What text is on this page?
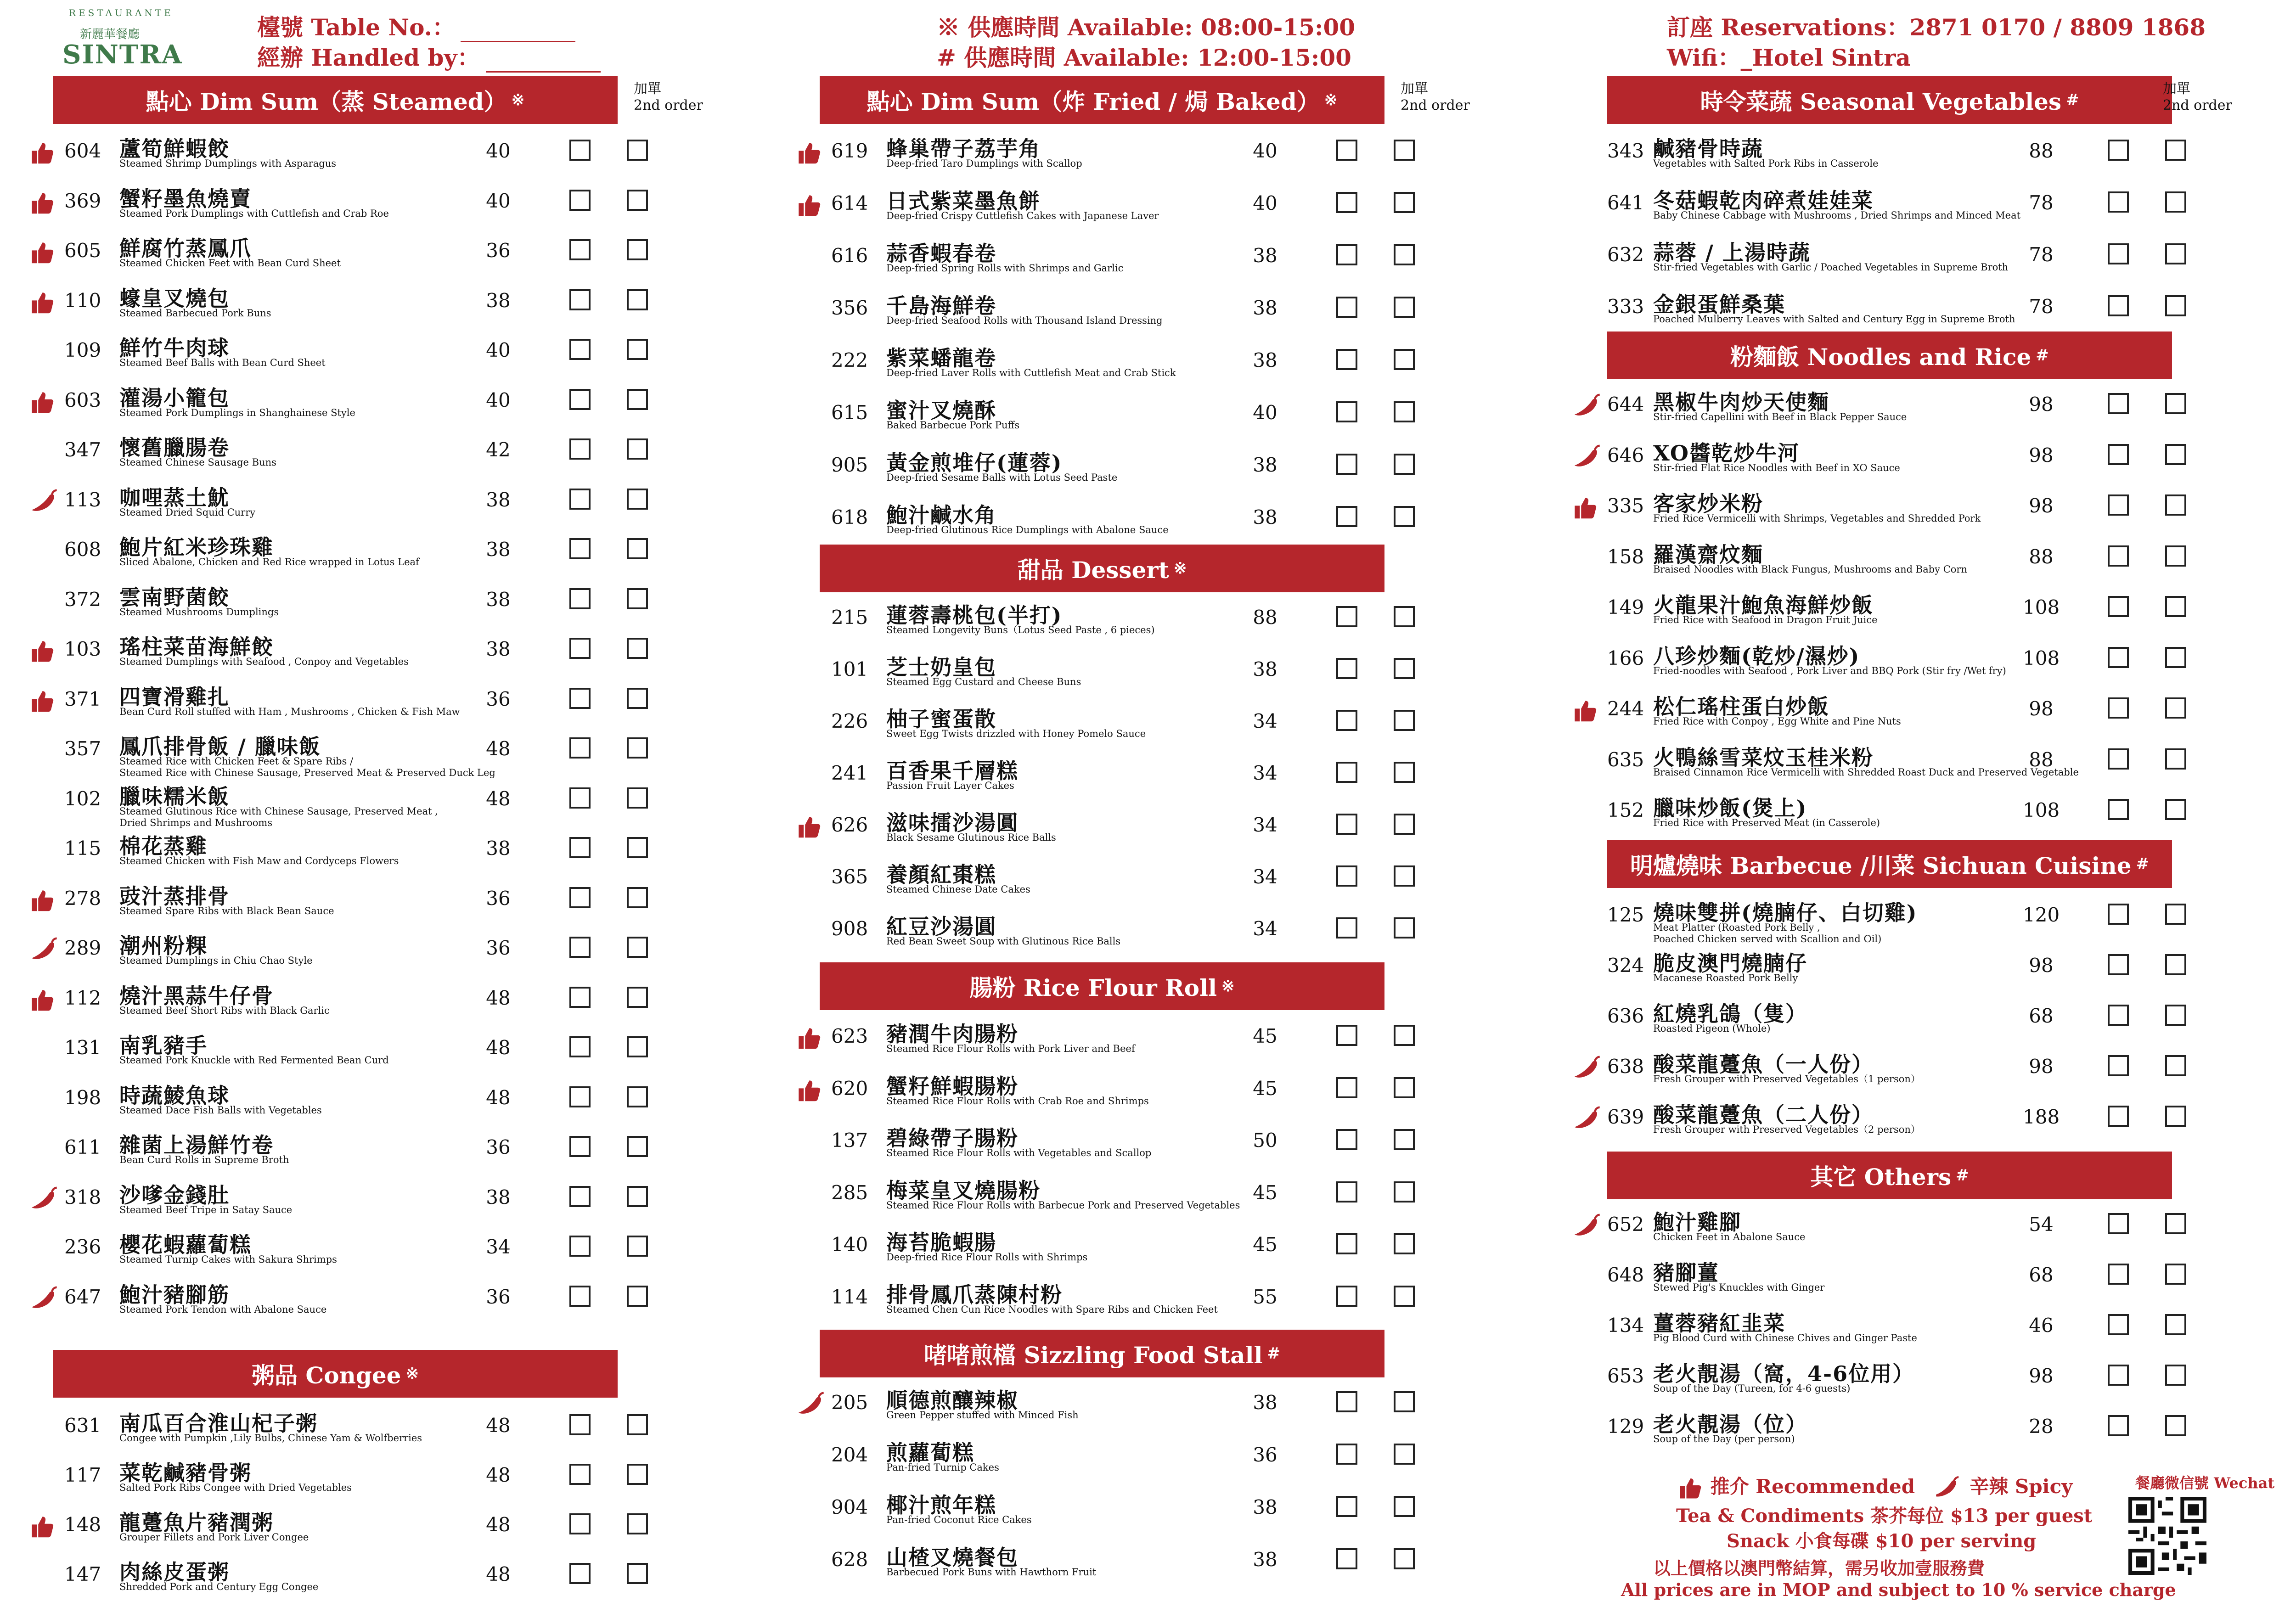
RESTAURANTE
新麗華餐廳
SINTRA
檯號 Table No.：
經辦 Handled by：
點心 Dim Sum（蒸 Steamed） ※
加單
2nd order
604 蘆筍鮮蝦餃
Steamed Shrimp Dumplings with Asparagus
40
369 蟹籽墨魚燒賣
Steamed Pork Dumplings with Cuttlefish and Crab Roe
40
605 鮮腐竹蒸鳳爪
Steamed Chicken Feet with Bean Curd Sheet
36
110 蠔皇叉燒包
Steamed Barbecued Pork Buns
38
109 鮮竹牛肉球
Steamed Beef Balls with Bean Curd Sheet
40
603 灌湯小籠包
Steamed Pork Dumplings in Shanghainese Style
40
347 懷舊臘腸卷
Steamed Chinese Sausage Buns
42
113 咖哩蒸土魷
Steamed Dried Squid Curry
38
608 鮑片紅米珍珠雞
Sliced Abalone, Chicken and Red Rice wrapped in Lotus Leaf
38
372 雲南野菌餃
Steamed Mushrooms Dumplings
38
103 瑤柱菜苗海鮮餃
Steamed Dumplings with Seafood , Conpoy and Vegetables
38
371 四寶滑雞扎
Bean Curd Roll stuffed with Ham , Mushrooms , Chicken & Fish Maw
36
357 鳳爪排骨飯 / 臘味飯
Steamed Rice with Chicken Feet & Spare Ribs /
Steamed Rice with Chinese Sausage, Preserved Meat & Preserved Duck Leg
48
102 臘味糯米飯
Steamed Glutinous Rice with Chinese Sausage, Preserved Meat ,
Dried Shrimps and Mushrooms
48
115 棉花蒸雞
Steamed Chicken with Fish Maw and Cordyceps Flowers
38
278 豉汁蒸排骨
Steamed Spare Ribs with Black Bean Sauce
36
289 潮州粉粿
Steamed Dumplings in Chiu Chao Style
36
112 燒汁黑蒜牛仔骨
Steamed Beef Short Ribs with Black Garlic
48
131 南乳豬手
Steamed Pork Knuckle with Red Fermented Bean Curd
48
198 時蔬鯪魚球
Steamed Dace Fish Balls with Vegetables
48
611 雜菌上湯鮮竹卷
Bean Curd Rolls in Supreme Broth
36
318 沙嗲金錢肚
Steamed Beef Tripe in Satay Sauce
38
236 櫻花蝦蘿蔔糕
Steamed Turnip Cakes with Sakura Shrimps
34
647 鮑汁豬腳筋
Steamed Pork Tendon with Abalone Sauce
36
粥品 Congee ※
631 南瓜百合淮山杞子粥
Congee with Pumpkin ,Lily Bulbs, Chinese Yam & Wolfberries
48
117 菜乾鹹豬骨粥
Salted Pork Ribs Congee with Dried Vegetables
48
148 龍躉魚片豬潤粥
Grouper Fillets and Pork Liver Congee
48
147 肉絲皮蛋粥
Shredded Pork and Century Egg Congee
48
※ 供應時間 Available: 08:00-15:00
# 供應時間 Available: 12:00-15:00
點心 Dim Sum（炸 Fried / 焗 Baked） ※
加單
2nd order
619 蜂巢帶子荔芋角
Deep-fried Taro Dumplings with Scallop
40
614 日式紫菜墨魚餅
Deep-fried Crispy Cuttlefish Cakes with Japanese Laver
40
616 蒜香蝦春卷
Deep-fried Spring Rolls with Shrimps and Garlic
38
356 千島海鮮卷
Deep-fried Seafood Rolls with Thousand Island Dressing
38
222 紫菜蟠龍卷
Deep-fried Laver Rolls with Cuttlefish Meat and Crab Stick
38
615 蜜汁叉燒酥
Baked Barbecue Pork Puffs
40
905 黃金煎堆仔(蓮蓉)
Deep-fried Sesame Balls with Lotus Seed Paste
38
618 鮑汁鹹水角
Deep-fried Glutinous Rice Dumplings with Abalone Sauce
38
甜品 Dessert ※
215 蓮蓉壽桃包(半打)
Steamed Longevity Buns（Lotus Seed Paste , 6 pieces)
88
101 芝士奶皇包
Steamed Egg Custard and Cheese Buns
38
226 柚子蜜蛋散
Sweet Egg Twists drizzled with Honey Pomelo Sauce
34
241 百香果千層糕
Passion Fruit Layer Cakes
34
626 滋味擂沙湯圓
Black Sesame Glutinous Rice Balls
34
365 養顏紅棗糕
Steamed Chinese Date Cakes
34
908 紅豆沙湯圓
Red Bean Sweet Soup with Glutinous Rice Balls
34
腸粉 Rice Flour Roll ※
623 豬潤牛肉腸粉
Steamed Rice Flour Rolls with Pork Liver and Beef
45
620 蟹籽鮮蝦腸粉
Steamed Rice Flour Rolls with Crab Roe and Shrimps
45
137 碧綠帶子腸粉
Steamed Rice Flour Rolls with Vegetables and Scallop
50
285 梅菜皇叉燒腸粉
Steamed Rice Flour Rolls with Barbecue Pork and Preserved Vegetables
45
140 海苔脆蝦腸
Deep-fried Rice Flour Rolls with Shrimps
45
114 排骨鳳爪蒸陳村粉
Steamed Chen Cun Rice Noodles with Spare Ribs and Chicken Feet
55
啫啫煎檔 Sizzling Food Stall #
205 順德煎釀辣椒
Green Pepper stuffed with Minced Fish
38
204 煎蘿蔔糕
Pan-fried Turnip Cakes
36
904 椰汁煎年糕
Pan-fried Coconut Rice Cakes
38
628 山楂叉燒餐包
Barbecued Pork Buns with Hawthorn Fruit
38
訂座 Reservations：2871 0170 / 8809 1868
Wifi：_Hotel Sintra
時令菜蔬 Seasonal Vegetables #
加單
2nd order
343 鹹豬骨時蔬
Vegetables with Salted Pork Ribs in Casserole
88
641 冬菇蝦乾肉碎煮娃娃菜
Baby Chinese Cabbage with Mushrooms , Dried Shrimps and Minced Meat
78
632 蒜蓉 / 上湯時蔬
Stir-fried Vegetables with Garlic / Poached Vegetables in Supreme Broth
78
333 金銀蛋鮮桑葉
Poached Mulberry Leaves with Salted and Century Egg in Supreme Broth
78
粉麵飯 Noodles and Rice #
644 黑椒牛肉炒天使麵
Stir-fried Capellini with Beef in Black Pepper Sauce
98
646 XO醬乾炒牛河
Stir-fried Flat Rice Noodles with Beef in XO Sauce
98
335 客家炒米粉
Fried Rice Vermicelli with Shrimps, Vegetables and Shredded Pork
98
158 羅漢齋炆麵
Braised Noodles with Black Fungus, Mushrooms and Baby Corn
88
149 火龍果汁鮑魚海鮮炒飯
Fried Rice with Seafood in Dragon Fruit Juice
108
166 八珍炒麵(乾炒/濕炒)
Fried-noodles with Seafood , Pork Liver and BBQ Pork (Stir fry /Wet fry)
108
244 松仁瑤柱蛋白炒飯
Fried Rice with Conpoy , Egg White and Pine Nuts
98
635 火鴨絲雪菜炆玉桂米粉
Braised Cinnamon Rice Vermicelli with Shredded Roast Duck and Preserved Vegetable
88
152 臘味炒飯(煲上)
Fried Rice with Preserved Meat (in Casserole)
108
明爐燒味 Barbecue /川菜 Sichuan Cuisine #
125 燒味雙拼(燒腩仔、白切雞)
Meat Platter (Roasted Pork Belly ,
Poached Chicken served with Scallion and Oil)
120
324 脆皮澳門燒腩仔
Macanese Roasted Pork Belly
98
636 紅燒乳鴿（隻）
Roasted Pigeon (Whole)
68
638 酸菜龍躉魚（一人份）
Fresh Grouper with Preserved Vegetables（1 person）
98
639 酸菜龍躉魚（二人份）
Fresh Grouper with Preserved Vegetables（2 person）
188
其它 Others #
652 鮑汁雞腳
Chicken Feet in Abalone Sauce
54
648 豬腳薑
Stewed Pig's Knuckles with Ginger
68
134 薑蓉豬紅韭菜
Pig Blood Curd with Chinese Chives and Ginger Paste
46
653 老火靚湯（窩，4-6位用）
Soup of the Day (Tureen, for 4-6 guests)
98
129 老火靚湯（位）
Soup of the Day (per person)
28
推介 Recommended	辛辣 Spicy	餐廳微信號 Wechat
Tea & Condiments 茶芥每位 $13 per guest
Snack 小食每碟 $10 per serving
以上價格以澳門幣結算，需另收加壹服務費
All prices are in MOP and subject to 10 % service charge
